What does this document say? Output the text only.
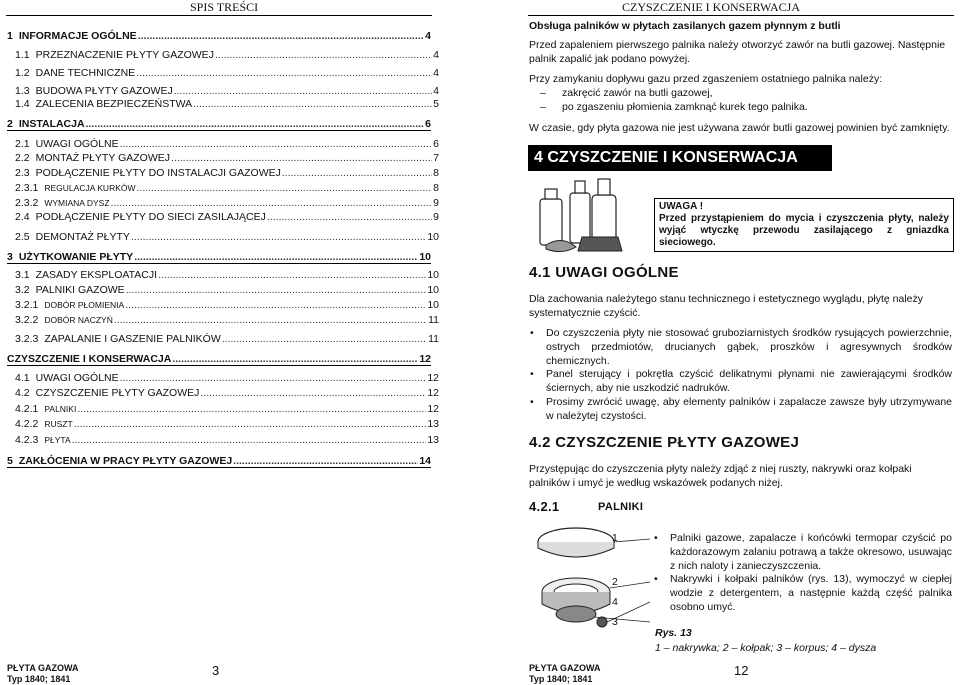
SPIS TREŚCI
1 INFORMACJE OGÓLNE .....	4
1.1 PRZEZNACZENIE PŁYTY GAZOWEJ .....	4
1.2 DANE TECHNICZNE .....	4
1.3 BUDOWA PŁYTY GAZOWEJ .....	4
1.4 ZALECENIA BEZPIECZEŃSTWA .....	5
2 INSTALACJA .....	6
2.1 UWAGI OGÓLNE .....	6
2.2 MONTAŻ PŁYTY GAZOWEJ .....	7
2.3 PODŁĄCZENIE PŁYTY DO INSTALACJI GAZOWEJ .....	8
2.3.1 REGULACJA KURKÓW .....	8
2.3.2 WYMIANA DYSZ .....	9
2.4 PODŁĄCZENIE PŁYTY DO SIECI ZASILAJĄCEJ .....	9
2.5 DEMONTAŻ PŁYTY .....	10
3 UŻYTKOWANIE PŁYTY .....	10
3.1 ZASADY EKSPLOATACJI .....	10
3.2 PALNIKI GAZOWE .....	10
3.2.1 DOBÓR PŁOMIENIA .....	10
3.2.2 DOBÓR NACZYŃ .....	11
3.2.3 ZAPALANIE I GASZENIE PALNIKÓW .....	11
CZYSZCZENIE I KONSERWACJA .....	12
4.1 UWAGI OGÓLNE .....	12
4.2 CZYSZCZENIE PŁYTY GAZOWEJ .....	12
4.2.1 PALNIKI .....	12
4.2.2 RUSZT .....	13
4.2.3 PŁYTA .....	13
5 ZAKŁÓCENIA W PRACY PŁYTY GAZOWEJ .....	14
PŁYTA GAZOWA
Typ 1840; 1841
3
CZYSZCZENIE I KONSERWACJA
Obsługa palników w płytach zasilanych gazem płynnym z butli
Przed zapaleniem pierwszego palnika należy otworzyć zawór na butli gazowej. Następnie palnik zapalić jak podano powyżej.
Przy zamykaniu dopływu gazu przed zgaszeniem ostatniego palnika należy:
– zakręcić zawór na butli gazowej,
– po zgaszeniu płomienia zamknąć kurek tego palnika.
W czasie, gdy płyta gazowa nie jest używana zawór butli gazowej powinien być zamknięty.
4 CZYSZCZENIE I KONSERWACJA
UWAGA !
Przed przystąpieniem do mycia i czyszczenia płyty, należy wyjąć wtyczkę przewodu zasilającego z gniazdka sieciowego.
4.1 UWAGI OGÓLNE
Dla zachowania należytego stanu technicznego i estetycznego wyglądu, płytę należy systematycznie czyścić.
• Do czyszczenia płyty nie stosować gruboziarnistych środków rysujących powierzchnie, ostrych przedmiotów, drucianych gąbek, proszków i agresywnych środków chemicznych.
• Panel sterujący i pokrętła czyścić delikatnymi płynami nie zawierającymi środków ściernych, aby nie uszkodzić nadruków.
• Prosimy zwrócić uwagę, aby elementy palników i zapalacze zawsze były utrzymywane w należytej czystości.
4.2 CZYSZCZENIE PŁYTY GAZOWEJ
Przystępując do czyszczenia płyty należy zdjąć z niej ruszty, nakrywki oraz kołpaki palników i umyć je według wskazówek podanych niżej.
4.2.1	PALNIKI
1
2
4
3
• Palniki gazowe, zapalacze i końcówki termopar czyścić po każdorazowym zalaniu potrawą a także okresowo, usuwając z nich naloty i zanieczyszczenia.
• Nakrywki i kołpaki palników (rys. 13), wymoczyć w ciepłej wodzie z detergentem, a następnie każdą część palnika osobno umyć.
Rys. 13
1 – nakrywka; 2 – kołpak; 3 – korpus; 4 – dysza
PŁYTA GAZOWA
Typ 1840; 1841
12
